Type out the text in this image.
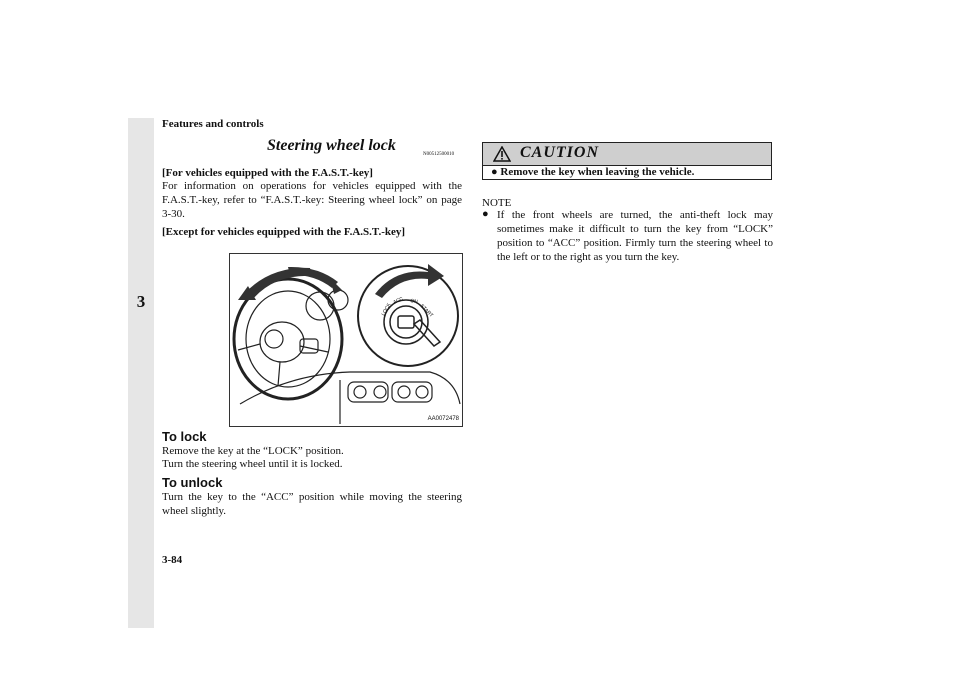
3
Features and controls
Steering wheel lock
N00512500010
[For vehicles equipped with the F.A.S.T.-key]
For information on operations for vehicles equipped with the F.A.S.T.-key, refer to “F.A.S.T.-key: Steering wheel lock” on page 3-30.
[Except for vehicles equipped with the F.A.S.T.-key]
LOCK
ACC ON
START
AA0072478
To lock
Remove the key at the “LOCK” position.
Turn the steering wheel until it is locked.
To unlock
Turn the key to the “ACC” position while moving the steering wheel slightly.
CAUTION
● Remove the key when leaving the vehicle.
NOTE
● If the front wheels are turned, the anti-theft lock may sometimes make it difficult to turn the key from “LOCK” position to “ACC” position. Firmly turn the steering wheel to the left or to the right as you turn the key.
3-84
